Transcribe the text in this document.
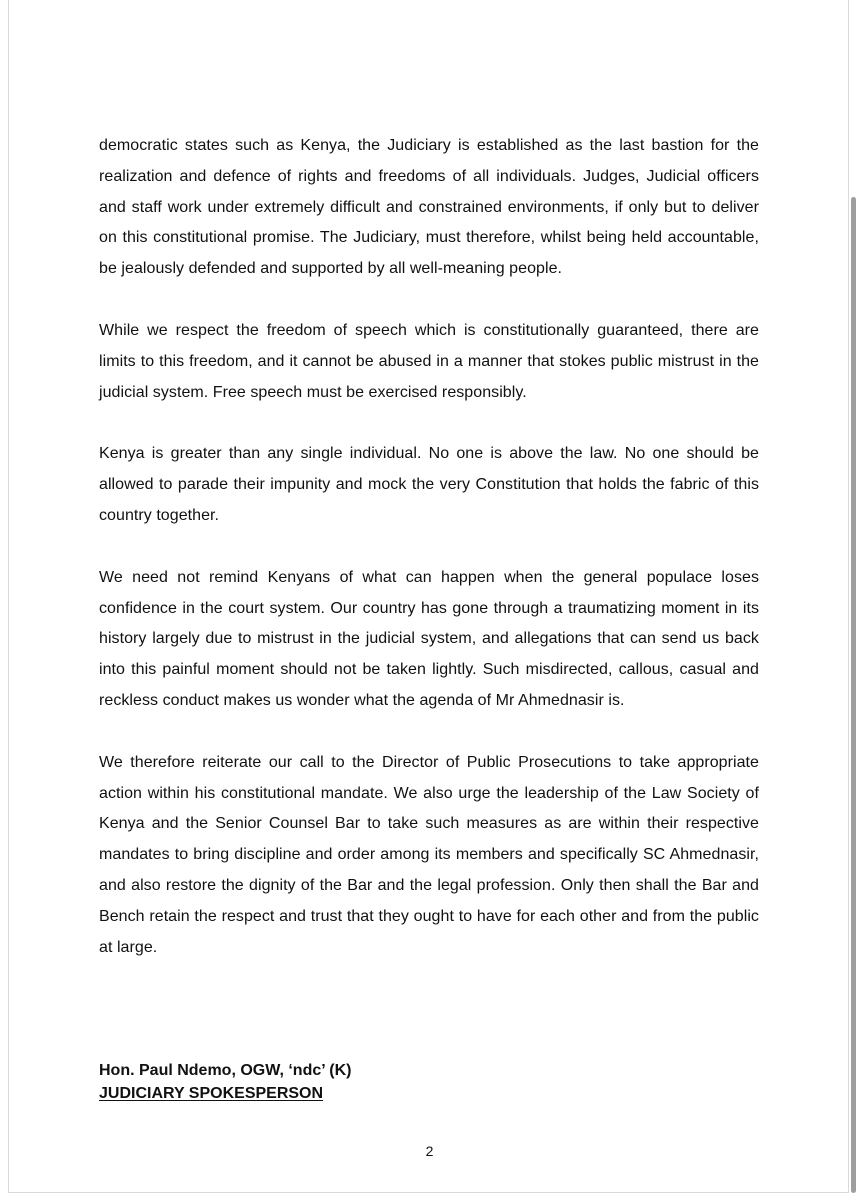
democratic states such as Kenya, the Judiciary is established as the last bastion for the realization and defence of rights and freedoms of all individuals. Judges, Judicial officers and staff work under extremely difficult and constrained environments, if only but to deliver on this constitutional promise. The Judiciary, must therefore, whilst being held accountable, be jealously defended and supported by all well-meaning people.

While we respect the freedom of speech which is constitutionally guaranteed, there are limits to this freedom, and it cannot be abused in a manner that stokes public mistrust in the judicial system. Free speech must be exercised responsibly.

Kenya is greater than any single individual. No one is above the law. No one should be allowed to parade their impunity and mock the very Constitution that holds the fabric of this country together.

We need not remind Kenyans of what can happen when the general populace loses confidence in the court system. Our country has gone through a traumatizing moment in its history largely due to mistrust in the judicial system, and allegations that can send us back into this painful moment should not be taken lightly. Such misdirected, callous, casual and reckless conduct makes us wonder what the agenda of Mr Ahmednasir is.

We therefore reiterate our call to the Director of Public Prosecutions to take appropriate action within his constitutional mandate. We also urge the leadership of the Law Society of Kenya and the Senior Counsel Bar to take such measures as are within their respective mandates to bring discipline and order among its members and specifically SC Ahmednasir, and also restore the dignity of the Bar and the legal profession. Only then shall the Bar and Bench retain the respect and trust that they ought to have for each other and from the public at large.

Hon. Paul Ndemo, OGW, ‘ndc’ (K)
JUDICIARY SPOKESPERSON
2
